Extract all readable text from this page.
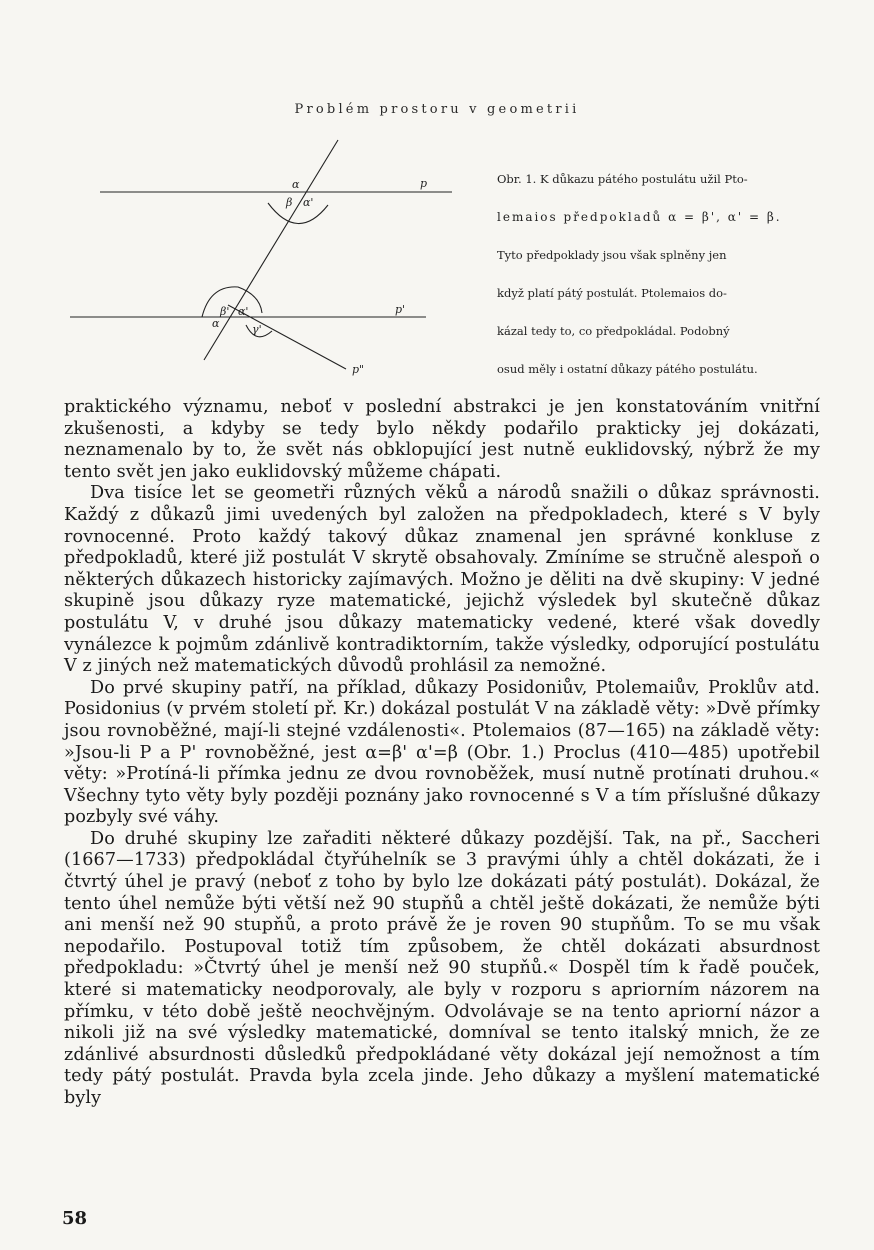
Problém prostoru v geometrii
p
p'
p"
α
β α'
β' α'
α	γ'
Obr. 1. K důkazu pátého postulátu užil Pto-
lemaios předpokladů α = β', α' = β.
Tyto předpoklady jsou však splněny jen
když platí pátý postulát. Ptolemaios do-
kázal tedy to, co předpokládal. Podobný
osud měly i ostatní důkazy pátého postulátu.

praktického významu, neboť v poslední abstrakci je jen konstatováním vnitřní zkušenosti, a kdyby se tedy bylo někdy podařilo prakticky jej dokázati, neznamenalo by to, že svět nás obklopující jest nutně euklidovský, nýbrž že my tento svět jen jako euklidovský můžeme chápati.

Dva tisíce let se geometři různých věků a národů snažili o důkaz správnosti. Každý z důkazů jimi uvedených byl založen na předpokladech, které s V byly rovnocenné. Proto každý takový důkaz znamenal jen správné konkluse z předpokladů, které již postulát V skrytě obsahovaly. Zmíníme se stručně alespoň o některých důkazech historicky zajímavých. Možno je děliti na dvě skupiny: V jedné skupině jsou důkazy ryze matematické, jejichž výsledek byl skutečně důkaz postulátu V, v druhé jsou důkazy matematicky vedené, které však dovedly vynálezce k pojmům zdánlivě kontradiktorním, takže výsledky, odporující postulátu V z jiných než matematických důvodů prohlásil za nemožné.

Do prvé skupiny patří, na příklad, důkazy Posidoniův, Ptolemaiův, Proklův atd. Posidonius (v prvém století př. Kr.) dokázal postulát V na základě věty: »Dvě přímky jsou rovnoběžné, mají-li stejné vzdálenosti«. Ptolemaios (87—165) na základě věty: »Jsou-li P a P' rovnoběžné, jest α=β' α'=β (Obr. 1.) Proclus (410—485) upotřebil věty: »Protíná-li přímka jednu ze dvou rovnoběžek, musí nutně protínati druhou.« Všechny tyto věty byly později poznány jako rovnocenné s V a tím příslušné důkazy pozbyly své váhy.

Do druhé skupiny lze zařaditi některé důkazy pozdější. Tak, na př., Saccheri (1667—1733) předpokládal čtyřúhelník se 3 pravými úhly a chtěl dokázati, že i čtvrtý úhel je pravý (neboť z toho by bylo lze dokázati pátý postulát). Dokázal, že tento úhel nemůže býti větší než 90 stupňů a chtěl ještě dokázati, že nemůže býti ani menší než 90 stupňů, a proto právě že je roven 90 stupňům. To se mu však nepodařilo. Postupoval totiž tím způsobem, že chtěl dokázati absurdnost předpokladu: »Čtvrtý úhel je menší než 90 stupňů.« Dospěl tím k řadě pouček, které si matematicky neodporovaly, ale byly v rozporu s apriorním názorem na přímku, v této době ještě neochvějným. Odvolávaje se na tento apriorní názor a nikoli již na své výsledky matematické, domníval se tento italský mnich, že ze zdánlivé absurdnosti důsledků předpokládané věty dokázal její nemožnost a tím tedy pátý postulát. Pravda byla zcela jinde. Jeho důkazy a myšlení matematické byly

58
